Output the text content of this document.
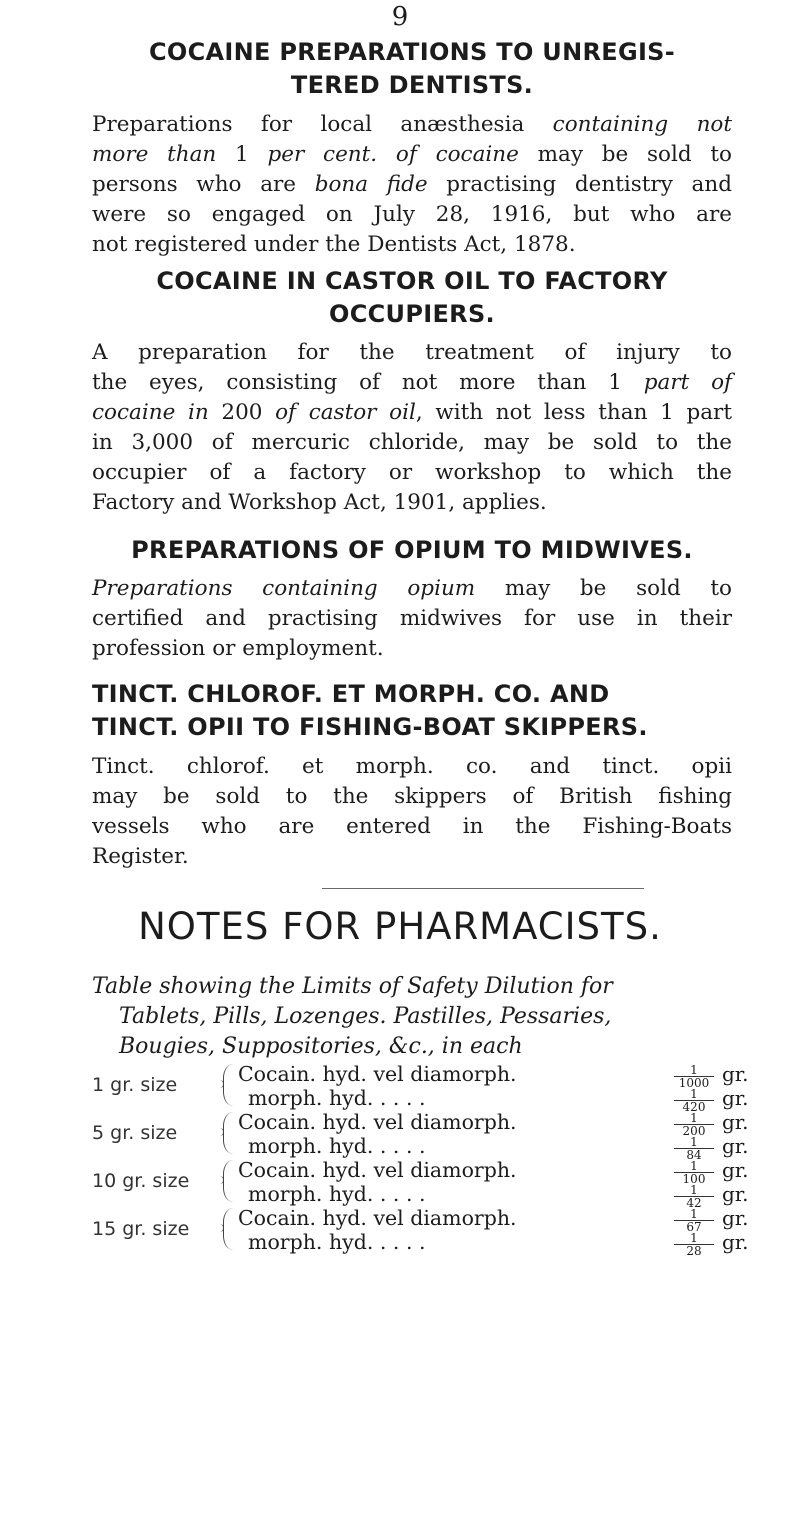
9
COCAINE PREPARATIONS TO UNREGIS-
TERED DENTISTS.
Preparations for local anæsthesia containing not
more than 1 per cent. of cocaine may be sold to
persons who are bona fide practising dentistry and
were so engaged on July 28, 1916, but who are
not registered under the Dentists Act, 1878.
COCAINE IN CASTOR OIL TO FACTORY
OCCUPIERS.
A preparation for the treatment of injury to
the eyes, consisting of not more than 1 part of
cocaine in 200 of castor oil, with not less than 1 part
in 3,000 of mercuric chloride, may be sold to the
occupier of a factory or workshop to which the
Factory and Workshop Act, 1901, applies.
PREPARATIONS OF OPIUM TO MIDWIVES.
Preparations containing opium may be sold to
certified and practising midwives for use in their
profession or employment.
TINCT. CHLOROF. ET MORPH. CO. AND
TINCT. OPII TO FISHING-BOAT SKIPPERS.
Tinct. chlorof. et morph. co. and tinct. opii
may be sold to the skippers of British fishing
vessels who are entered in the Fishing-Boats
Register.
NOTES FOR PHARMACISTS.
Table showing the Limits of Safety Dilution for
Tablets, Pills, Lozenges. Pastilles, Pessaries,
Bougies, Suppositories, &c., in each
1 gr. size	Cocain. hyd. vel diamorph.	$\frac{1}{1000}$ gr.
morph. hyd. . . . .	$\frac{1}{420}$ gr.
5 gr. size	Cocain. hyd. vel diamorph.	$\frac{1}{200}$ gr.
morph. hyd. . . . .	$\frac{1}{84}$ gr.
10 gr. size	Cocain. hyd. vel diamorph.	$\frac{1}{100}$ gr.
morph. hyd. . . . .	$\frac{1}{42}$ gr.
15 gr. size	Cocain. hyd. vel diamorph.	$\frac{1}{67}$ gr.
morph. hyd. . . . .	$\frac{1}{28}$ gr.
